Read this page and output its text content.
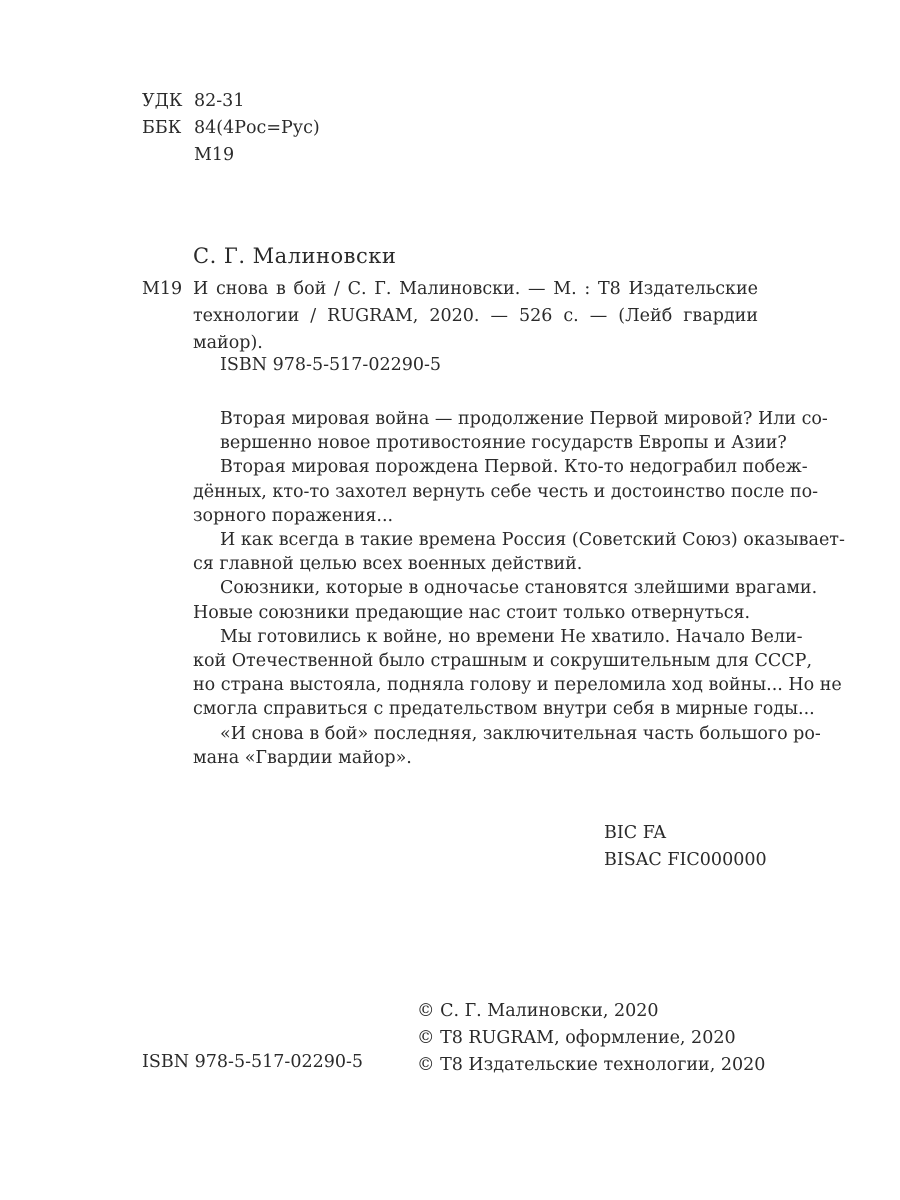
УДК 82-31
ББК 84(4Рос=Рус)
М19
С. Г. Малиновски
М19 И снова в бой / С. Г. Малиновски. — М. : Т8 Издательские технологии / RUGRAM, 2020. — 526 с. — (Лейб гвардии майор).
ISBN 978-5-517-02290-5

Вторая мировая война — продолжение Первой мировой? Или со-
вершенно новое противостояние государств Европы и Азии?

Вторая мировая порождена Первой. Кто-то недограбил побеж-
дённых, кто-то захотел вернуть себе честь и достоинство после по-
зорного поражения...

И как всегда в такие времена Россия (Советский Союз) оказывает-
ся главной целью всех военных действий.

Союзники, которые в одночасье становятся злейшими врагами.
Новые союзники предающие нас стоит только отвернуться.

Мы готовились к войне, но времени Не хватило. Начало Вели-
кой Отечественной было страшным и сокрушительным для СССР,
но страна выстояла, подняла голову и переломила ход войны... Но не
смогла справиться с предательством внутри себя в мирные годы...

«И снова в бой» последняя, заключительная часть большого ро-
мана «Гвардии майор».

BIC FA
BISAC FIC000000
© С. Г. Малиновски, 2020
© Т8 RUGRAM, оформление, 2020
© Т8 Издательские технологии, 2020
ISBN 978-5-517-02290-5
